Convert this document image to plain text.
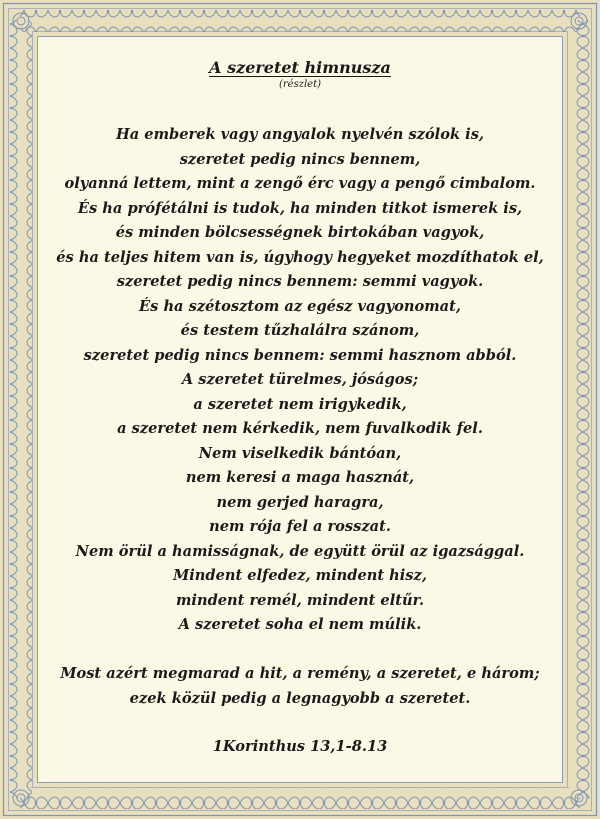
A szeretet himnusza
(részlet)
Ha emberek vagy angyalok nyelvén szólok is,
szeretet pedig nincs bennem,
olyanná lettem, mint a zengő érc vagy a pengő cimbalom.
És ha prófétálni is tudok, ha minden titkot ismerek is,
és minden bölcsességnek birtokában vagyok,
és ha teljes hitem van is, úgyhogy hegyeket mozdíthatok el,
szeretet pedig nincs bennem: semmi vagyok.
És ha szétosztom az egész vagyonomat,
és testem tűzhalálra szánom,
szeretet pedig nincs bennem: semmi hasznom abból.
A szeretet türelmes, jóságos;
a szeretet nem irigykedik,
a szeretet nem kérkedik, nem fuvalkodik fel.
Nem viselkedik bántóan,
nem keresi a maga hasznát,
nem gerjed haragra,
nem rója fel a rosszat.
Nem örül a hamisságnak, de együtt örül az igazsággal.
Mindent elfedez, mindent hisz,
mindent remél, mindent eltűr.
A szeretet soha el nem múlik.
Most azért megmarad a hit, a remény, a szeretet, e három;
ezek közül pedig a legnagyobb a szeretet.
1Korinthus 13,1-8.13
